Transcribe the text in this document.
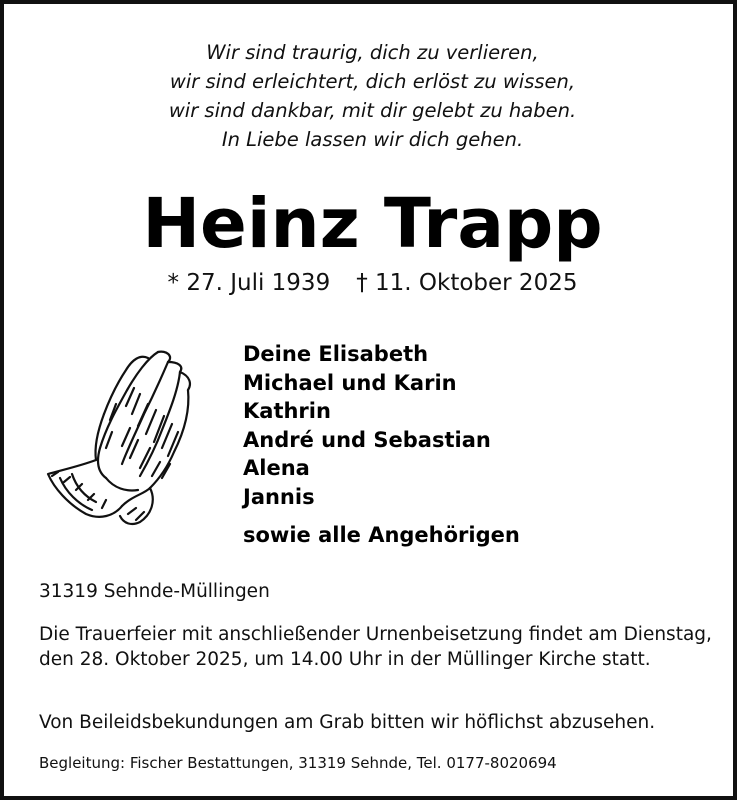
Wir sind traurig, dich zu verlieren,
wir sind erleichtert, dich erlöst zu wissen,
wir sind dankbar, mit dir gelebt zu haben.
In Liebe lassen wir dich gehen.
Heinz Trapp
* 27. Juli 1939 † 11. Oktober 2025
Deine Elisabeth
Michael und Karin
Kathrin
André und Sebastian
Alena
Jannis
sowie alle Angehörigen
31319 Sehnde-Müllingen
Die Trauerfeier mit anschließender Urnenbeisetzung findet am Dienstag, den 28. Oktober 2025, um 14.00 Uhr in der Müllinger Kirche statt.
Von Beileidsbekundungen am Grab bitten wir höflichst abzusehen.
Begleitung: Fischer Bestattungen, 31319 Sehnde, Tel. 0177-8020694
